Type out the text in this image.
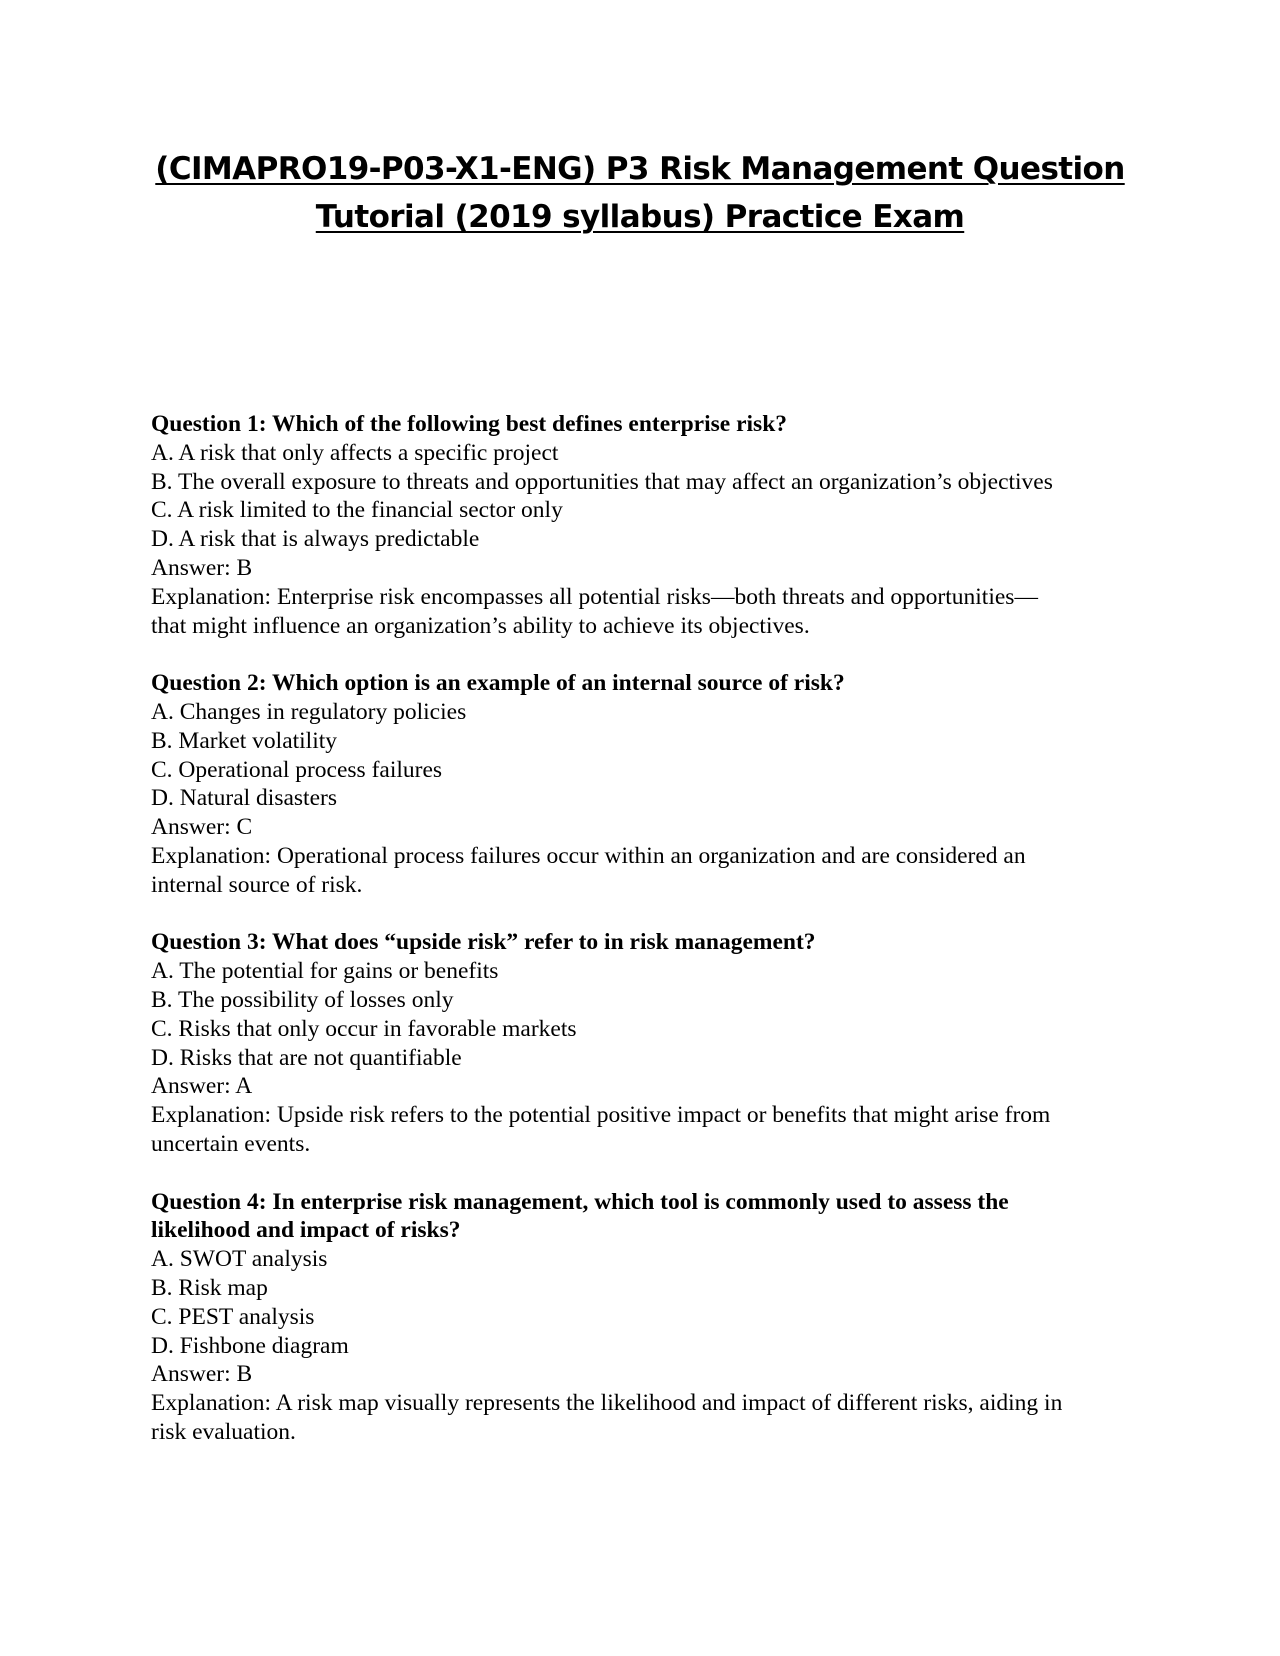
(CIMAPRO19-P03-X1-ENG) P3 Risk Management Question
Tutorial (2019 syllabus) Practice Exam
Question 1: Which of the following best defines enterprise risk?
A. A risk that only affects a specific project
B. The overall exposure to threats and opportunities that may affect an organization’s objectives
C. A risk limited to the financial sector only
D. A risk that is always predictable
Answer: B
Explanation: Enterprise risk encompasses all potential risks—both threats and opportunities—
that might influence an organization’s ability to achieve its objectives.
Question 2: Which option is an example of an internal source of risk?
A. Changes in regulatory policies
B. Market volatility
C. Operational process failures
D. Natural disasters
Answer: C
Explanation: Operational process failures occur within an organization and are considered an
internal source of risk.
Question 3: What does “upside risk” refer to in risk management?
A. The potential for gains or benefits
B. The possibility of losses only
C. Risks that only occur in favorable markets
D. Risks that are not quantifiable
Answer: A
Explanation: Upside risk refers to the potential positive impact or benefits that might arise from
uncertain events.
Question 4: In enterprise risk management, which tool is commonly used to assess the
likelihood and impact of risks?
A. SWOT analysis
B. Risk map
C. PEST analysis
D. Fishbone diagram
Answer: B
Explanation: A risk map visually represents the likelihood and impact of different risks, aiding in
risk evaluation.
